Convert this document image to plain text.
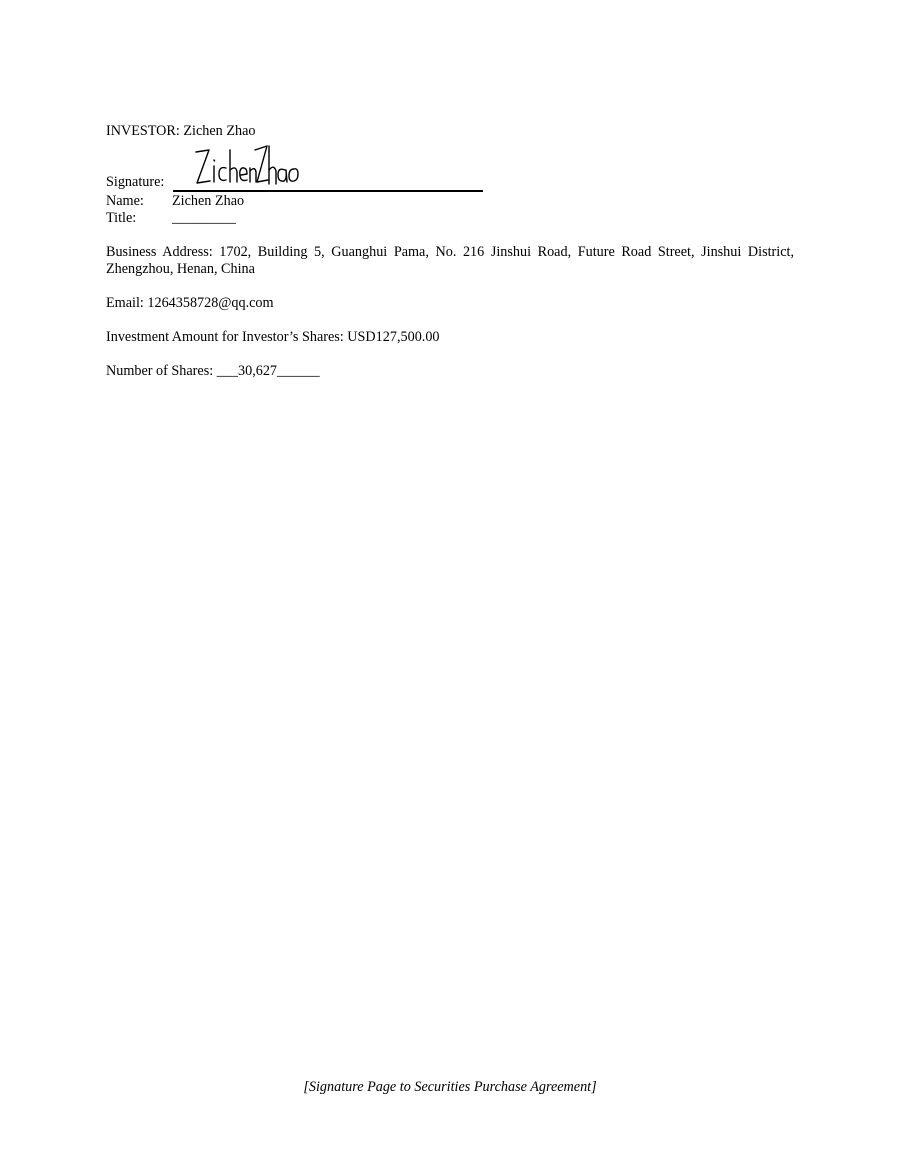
INVESTOR: Zichen Zhao
Signature:
Name: Zichen Zhao
Title:	_________
Business Address: 1702, Building 5, Guanghui Pama, No. 216 Jinshui Road, Future Road Street, Jinshui District, Zhengzhou, Henan, China
Email: 1264358728@qq.com
Investment Amount for Investor’s Shares: USD127,500.00
Number of Shares: ___30,627______
[Signature Page to Securities Purchase Agreement]
